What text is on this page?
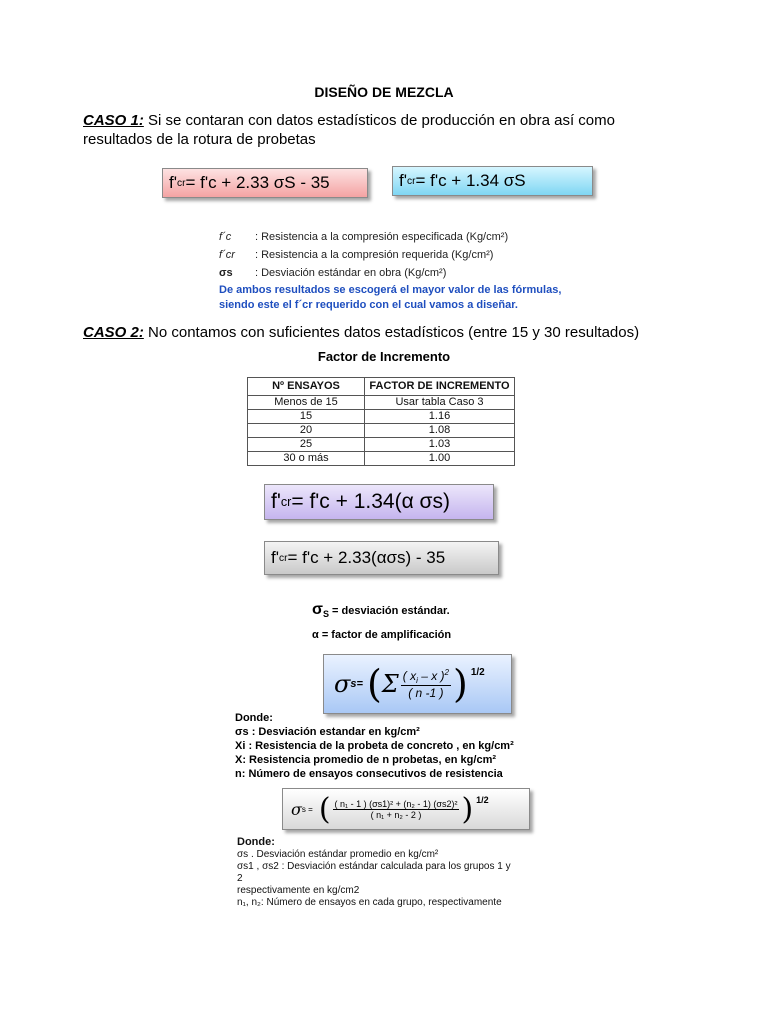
DISEÑO DE MEZCLA
CASO 1: Si se contaran con datos estadísticos de producción en obra así como resultados de la rotura de probetas
f' cr = f'c + 2.33 σS - 35	f' cr = f'c + 1.34 σS
f´c : Resistencia a la compresión especificada (Kg/cm²)
f´cr : Resistencia a la compresión requerida (Kg/cm²)
σs : Desviación estándar en obra (Kg/cm²)
De ambos resultados se escogerá el mayor valor de las fórmulas,
siendo este el f´cr requerido con el cual vamos a diseñar.
CASO 2: No contamos con suficientes datos estadísticos (entre 15 y 30 resultados)
Factor de Incremento
Nº ENSAYOS	FACTOR DE INCREMENTO
Menos de 15	Usar tabla Caso 3
15	1.16
20	1.08
25	1.03
30 o más	1.00
f' cr = f'c + 1.34(α σs)
f' cr = f'c + 2.33(ασs) - 35
$\sigma_S$ = desviación estándar.
α = factor de amplificación
σ s= ( Σ ( $x_i$ – x )$^2$
( n -1 ) ) $^{1/2}$
Donde:
σs : Desviación estandar en kg/cm²
Xi : Resistencia de la probeta de concreto , en kg/cm²
X: Resistencia promedio de n probetas, en kg/cm²
n: Número de ensayos consecutivos de resistencia
σ s = ( ( n₁ - 1 ) (σs1)² + (n₂ - 1) (σs2)²
( n₁ + n₂ - 2 ) ) $^{1/2}$
Donde:
σs . Desviación estándar promedio en kg/cm²
σs1 , σs2 : Desviación estándar calculada para los grupos 1 y 2
respectivamente en kg/cm2
n₁, n₂: Número de ensayos en cada grupo, respectivamente
